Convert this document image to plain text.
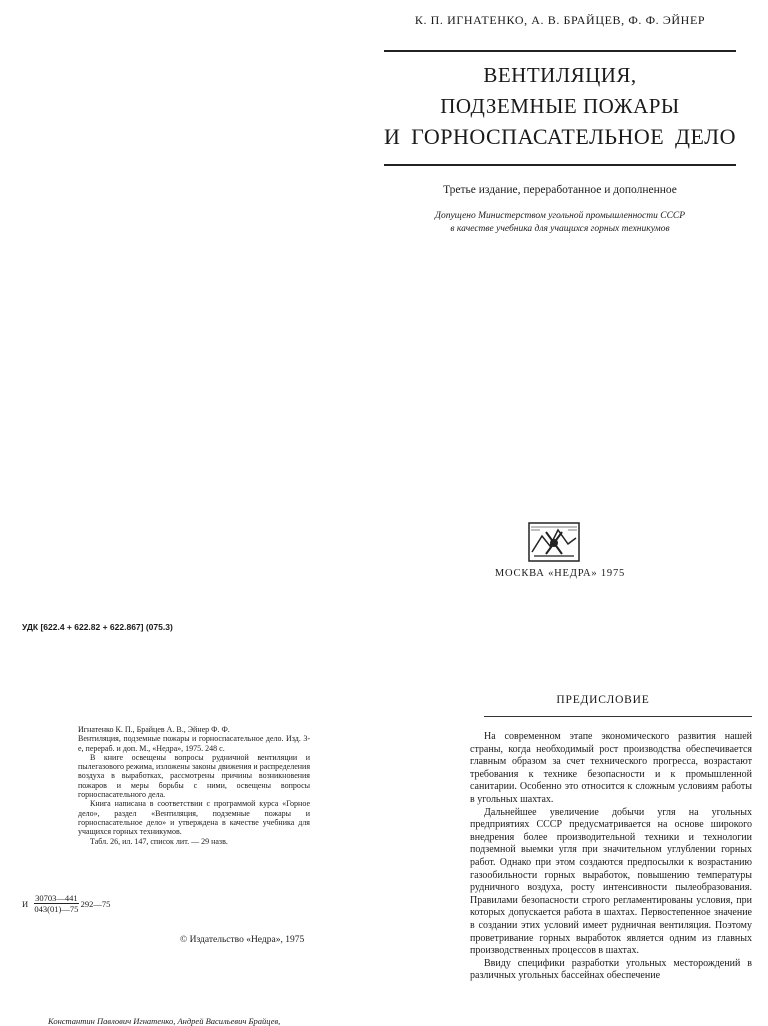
К. П. ИГНАТЕНКО, А. В. БРАЙЦЕВ, Ф. Ф. ЭЙНЕР
ВЕНТИЛЯЦИЯ,
ПОДЗЕМНЫЕ ПОЖАРЫ
И ГОРНОСПАСАТЕЛЬНОЕ ДЕЛО
Третье издание, переработанное и дополненное
Допущено Министерством угольной промышленности СССР
в качестве учебника для учащихся горных техникумов
МОСКВА «НЕДРА» 1975
УДК [622.4 + 622.82 + 622.867] (075.3)

Игнатенко К. П., Брайцев А. В., Эйнер Ф. Ф.

Вентиляция, подземные пожары и горноспасательное дело. Изд. 3-е, перераб. и доп. М., «Недра», 1975. 248 с.

В книге освещены вопросы рудничной вентиляции и пылегазового режима, изложены законы движения и распределения воздуха в выработках, рассмотрены причины возникновения пожаров и меры борьбы с ними, освещены вопросы горноспасательного дела.

Книга написана в соответствии с программой курса «Горное дело», раздел «Вентиляция, подземные пожары и горноспасательное дело» и утверждена в качестве учебника для учащихся горных техникумов.

Табл. 26, ил. 147, список лит. — 29 назв.

И $\frac{30703—441}{043(01)—75}$ 292—75
© Издательство «Недра», 1975
Константин Павлович Игнатенко, Андрей Васильевич Брайцев,
ПРЕДИСЛОВИЕ

На современном этапе экономического развития нашей страны, когда необходимый рост производства обеспечивается главным образом за счет технического прогресса, возрастают требования к технике безопасности и к промышленной санитарии. Особенно это относится к сложным условиям работы в угольных шахтах.

Дальнейшее увеличение добычи угля на угольных предприятиях СССР предусматривается на основе широкого внедрения более производительной техники и технологии подземной выемки угля при значительном углублении горных работ. Однако при этом создаются предпосылки к возрастанию газообильности горных выработок, повышению температуры рудничного воздуха, росту интенсивности пылеобразования. Правилами безопасности строго регламентированы условия, при которых допускается работа в шахтах. Первостепенное значение в создании этих условий имеет рудничная вентиляция. Поэтому проветривание горных выработок является одним из главных производственных процессов в шахтах.

Ввиду специфики разработки угольных месторождений в различных угольных бассейнах обеспечение
